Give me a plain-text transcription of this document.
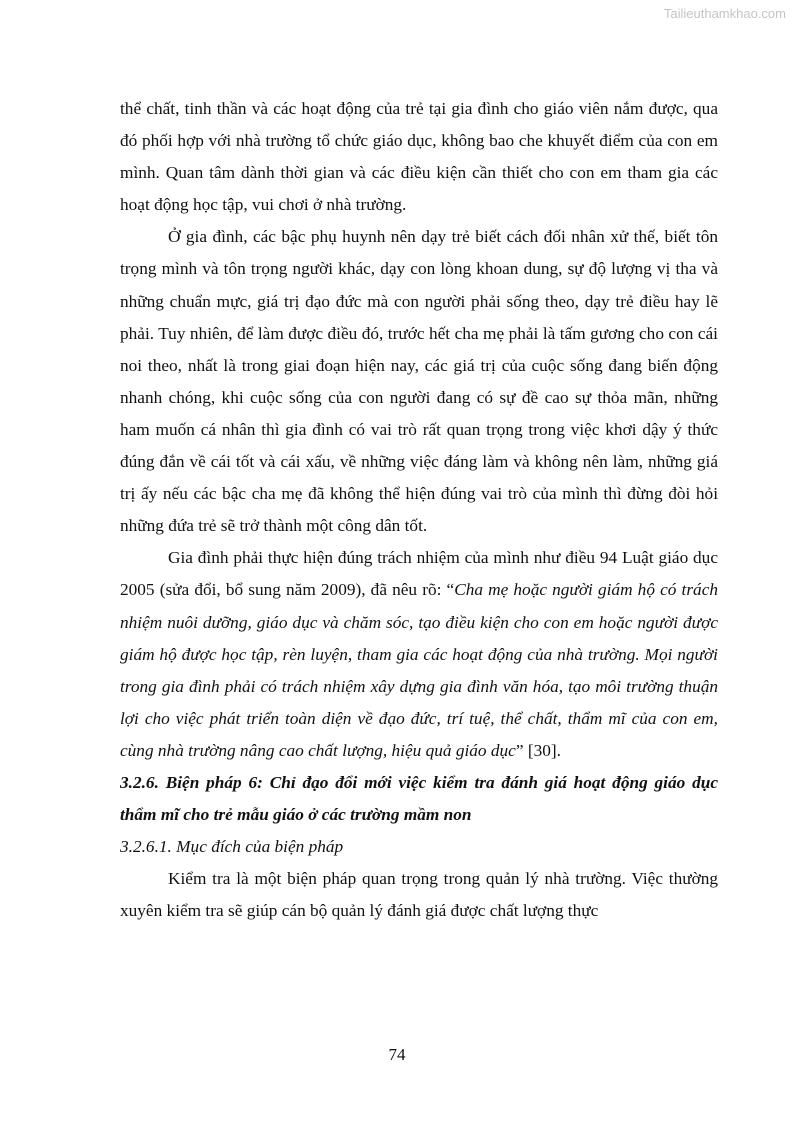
Tailieuthamkhao.com

thể chất, tinh thần và các hoạt động của trẻ tại gia đình cho giáo viên nắm được, qua đó phối hợp với nhà trường tổ chức giáo dục, không bao che khuyết điểm của con em mình. Quan tâm dành thời gian và các điều kiện cần thiết cho con em tham gia các hoạt động học tập, vui chơi ở nhà trường.

Ở gia đình, các bậc phụ huynh nên dạy trẻ biết cách đối nhân xử thế, biết tôn trọng mình và tôn trọng người khác, dạy con lòng khoan dung, sự độ lượng vị tha và những chuẩn mực, giá trị đạo đức mà con người phải sống theo, dạy trẻ điều hay lẽ phải. Tuy nhiên, để làm được điều đó, trước hết cha mẹ phải là tấm gương cho con cái noi theo, nhất là trong giai đoạn hiện nay, các giá trị của cuộc sống đang biến động nhanh chóng, khi cuộc sống của con người đang có sự đề cao sự thỏa mãn, những ham muốn cá nhân thì gia đình có vai trò rất quan trọng trong việc khơi dậy ý thức đúng đắn về cái tốt và cái xấu, về những việc đáng làm và không nên làm, những giá trị ấy nếu các bậc cha mẹ đã không thể hiện đúng vai trò của mình thì đừng đòi hỏi những đứa trẻ sẽ trở thành một công dân tốt.

Gia đình phải thực hiện đúng trách nhiệm của mình như điều 94 Luật giáo dục 2005 (sửa đổi, bổ sung năm 2009), đã nêu rõ: “Cha mẹ hoặc người giám hộ có trách nhiệm nuôi dưỡng, giáo dục và chăm sóc, tạo điều kiện cho con em hoặc người được giám hộ được học tập, rèn luyện, tham gia các hoạt động của nhà trường. Mọi người trong gia đình phải có trách nhiệm xây dựng gia đình văn hóa, tạo môi trường thuận lợi cho việc phát triển toàn diện về đạo đức, trí tuệ, thể chất, thẩm mĩ của con em, cùng nhà trường nâng cao chất lượng, hiệu quả giáo dục” [30].

3.2.6. Biện pháp 6: Chỉ đạo đổi mới việc kiểm tra đánh giá hoạt động giáo dục thẩm mĩ cho trẻ mẫu giáo ở các trường mầm non

3.2.6.1. Mục đích của biện pháp

Kiểm tra là một biện pháp quan trọng trong quản lý nhà trường. Việc thường xuyên kiểm tra sẽ giúp cán bộ quản lý đánh giá được chất lượng thực

74
